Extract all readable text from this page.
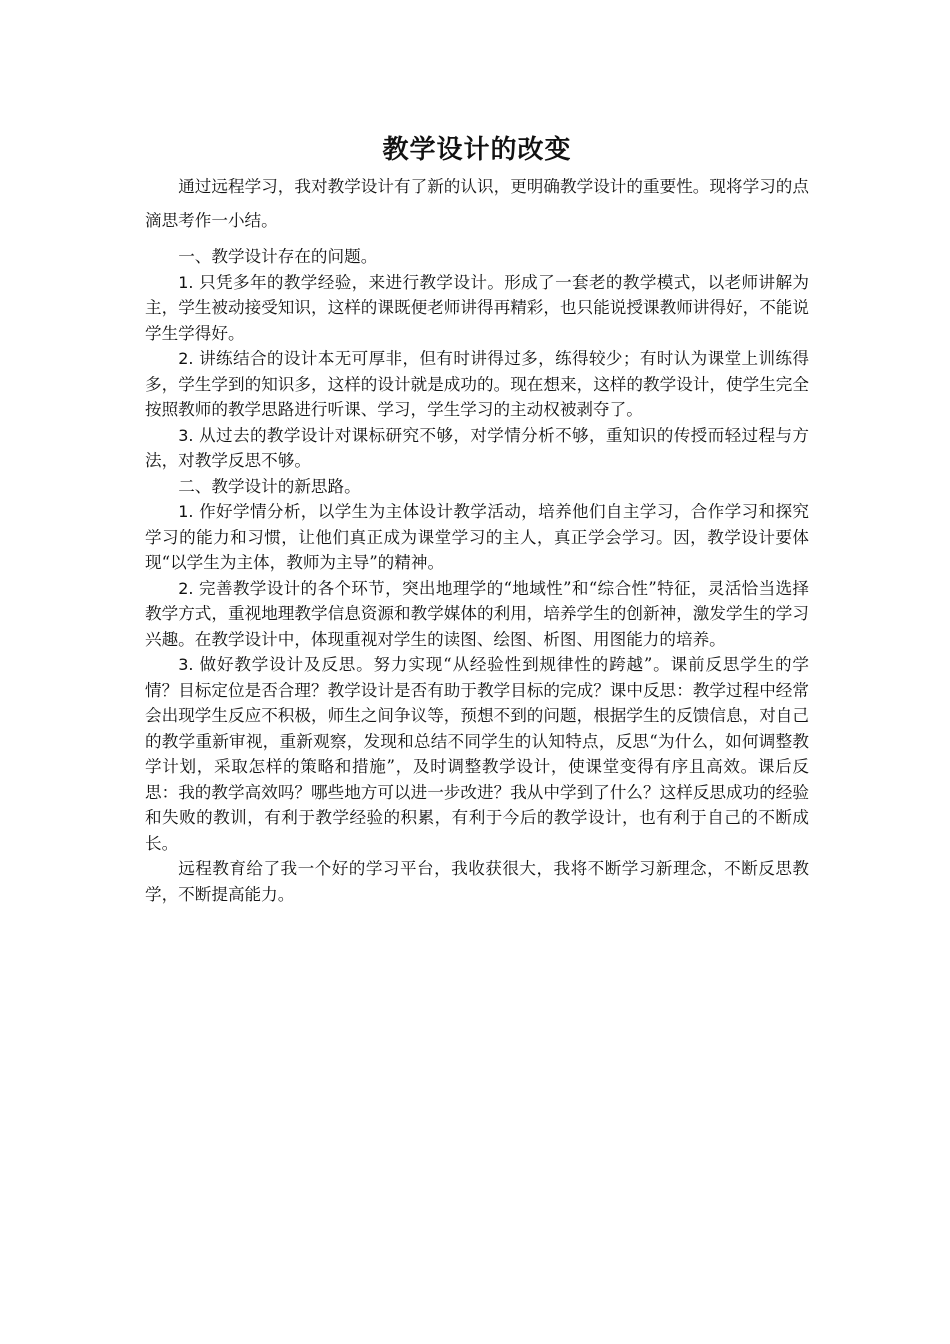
教学设计的改变

通过远程学习，我对教学设计有了新的认识，更明确教学设计的重要性。现将学习的点滴思考作一小结。

一、教学设计存在的问题。

1. 只凭多年的教学经验，来进行教学设计。形成了一套老的教学模式，以老师讲解为主，学生被动接受知识，这样的课既便老师讲得再精彩，也只能说授课教师讲得好，不能说学生学得好。

2. 讲练结合的设计本无可厚非，但有时讲得过多，练得较少；有时认为课堂上训练得多，学生学到的知识多，这样的设计就是成功的。现在想来，这样的教学设计，使学生完全按照教师的教学思路进行听课、学习，学生学习的主动权被剥夺了。

3. 从过去的教学设计对课标研究不够，对学情分析不够，重知识的传授而轻过程与方法，对教学反思不够。

二、教学设计的新思路。

1. 作好学情分析，以学生为主体设计教学活动，培养他们自主学习，合作学习和探究学习的能力和习惯，让他们真正成为课堂学习的主人，真正学会学习。因，教学设计要体现“以学生为主体，教师为主导”的精神。

2. 完善教学设计的各个环节，突出地理学的“地域性”和“综合性”特征，灵活恰当选择教学方式，重视地理教学信息资源和教学媒体的利用，培养学生的创新神，激发学生的学习兴趣。在教学设计中，体现重视对学生的读图、绘图、析图、用图能力的培养。

3. 做好教学设计及反思。努力实现“从经验性到规律性的跨越”。课前反思学生的学情？目标定位是否合理？教学设计是否有助于教学目标的完成？课中反思：教学过程中经常会出现学生反应不积极，师生之间争议等，预想不到的问题，根据学生的反馈信息，对自己的教学重新审视，重新观察，发现和总结不同学生的认知特点，反思“为什么，如何调整教学计划，采取怎样的策略和措施”，及时调整教学设计，使课堂变得有序且高效。课后反思：我的教学高效吗？哪些地方可以进一步改进？我从中学到了什么？这样反思成功的经验和失败的教训，有利于教学经验的积累，有利于今后的教学设计，也有利于自己的不断成长。

远程教育给了我一个好的学习平台，我收获很大，我将不断学习新理念，不断反思教学，不断提高能力。
